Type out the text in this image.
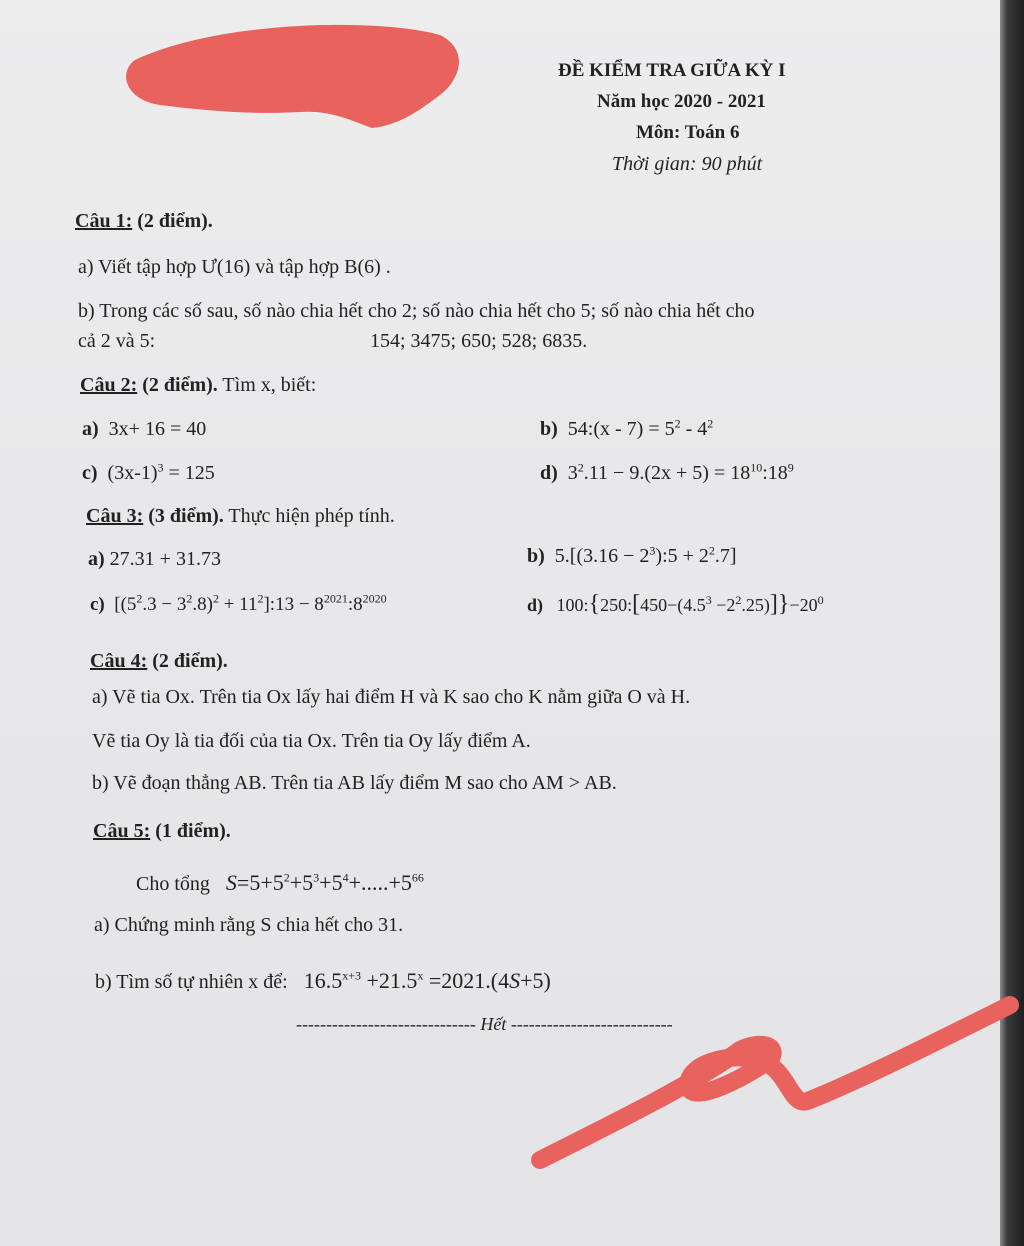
ĐỀ KIỂM TRA GIỮA KỲ I
Năm học 2020 - 2021
Môn: Toán 6
Thời gian: 90 phút
Câu 1: (2 điểm).
a) Viết tập hợp Ư(16) và tập hợp B(6) .
b) Trong các số sau, số nào chia hết cho 2; số nào chia hết cho 5; số nào chia hết cho
cả 2 và 5:	154; 3475; 650; 528; 6835.
Câu 2: (2 điểm). Tìm x, biết:
a)  3x+ 16 = 40	b)  54:(x - $7) = 5^2 - 4^2$
c)  $(3x-1)^3 = 125$	d)  $3^2.11 - 9.(2x + 5)$ = $18^{10}:18^9$
Câu 3: (3 điểm). Thực hiện phép tính.
a) 27.31 + 31.73	b)  $5.[(3.16 - 2^3):5 + 2^2.7]$
c)  [$(5^2.3 - 3^2.8)^2$ + $11^2]:13$ − $8^{2021}:8^{2020}$	d)   $100:\{250:[450-(4.5^3 -2^2.25)]\}-20^0$
Câu 4: (2 điểm).
a) Vẽ tia Ox. Trên tia Ox lấy hai điểm H và K sao cho K nằm giữa O và H.
Vẽ tia Oy là tia đối của tia Ox. Trên tia Oy lấy điểm A.
b) Vẽ đoạn thẳng AB. Trên tia AB lấy điểm M sao cho AM > AB.
Câu 5: (1 điểm).
Cho tổng   $S=5+5^2+5^3+5^4+.....+5^{66}$
a) Chứng minh rằng S chia hết cho 31.
b) Tìm số tự nhiên x để:   $16.5^{x+3} +21.5^x =2021.(4S+5)$
------------------------------ Hết ---------------------------
